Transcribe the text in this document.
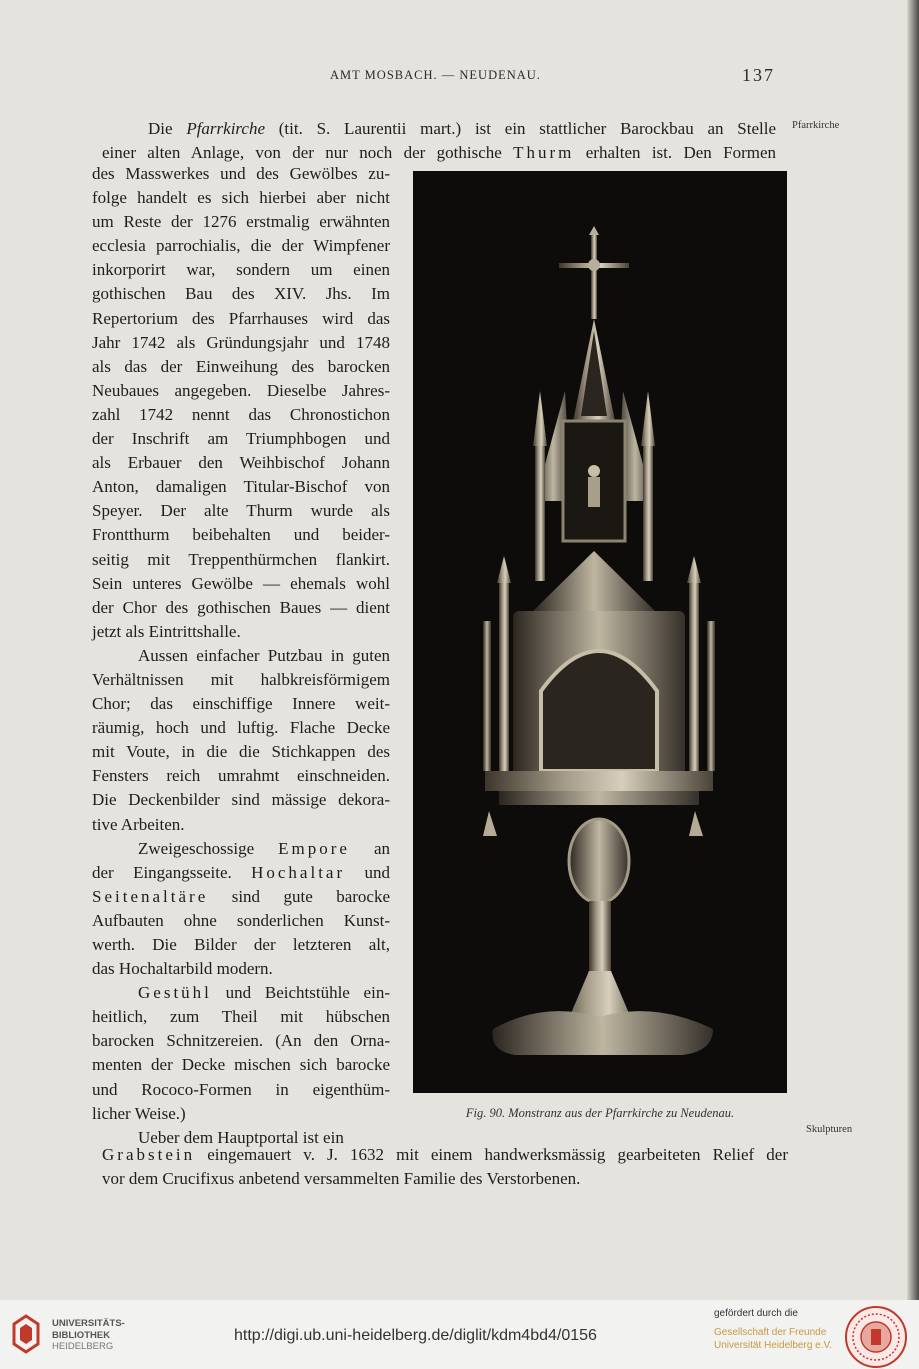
AMT MOSBACH. — NEUDENAU.	137
Pfarrkirche
Skulpturen
Die Pfarrkirche (tit. S. Laurentii mart.) ist ein stattlicher Barockbau an Stelle
einer alten Anlage, von der nur noch der gothische Thurm erhalten ist. Den Formen
des Masswerkes und des Gewölbes zu-
folge handelt es sich hierbei aber nicht
um Reste der 1276 erstmalig erwähnten
ecclesia parrochialis, die der Wimpfener
inkorporirt war, sondern um einen
gothischen Bau des XIV. Jhs. Im
Repertorium des Pfarrhauses wird das
Jahr 1742 als Gründungsjahr und 1748
als das der Einweihung des barocken
Neubaues angegeben. Dieselbe Jahres-
zahl 1742 nennt das Chronostichon
der Inschrift am Triumphbogen und
als Erbauer den Weihbischof Johann
Anton, damaligen Titular-Bischof von
Speyer. Der alte Thurm wurde als
Frontthurm beibehalten und beider-
seitig mit Treppenthürmchen flankirt.
Sein unteres Gewölbe — ehemals wohl
der Chor des gothischen Baues — dient
jetzt als Eintrittshalle.
Aussen einfacher Putzbau in guten
Verhältnissen mit halbkreisförmigem
Chor; das einschiffige Innere weit-
räumig, hoch und luftig. Flache Decke
mit Voute, in die die Stichkappen des
Fensters reich umrahmt einschneiden.
Die Deckenbilder sind mässige dekora-
tive Arbeiten.
Zweigeschossige Empore an
der Eingangsseite. Hochaltar und
Seitenaltäre sind gute barocke
Aufbauten ohne sonderlichen Kunst-
werth. Die Bilder der letzteren alt,
das Hochaltarbild modern.
Gestühl und Beichtstühle ein-
heitlich, zum Theil mit hübschen
barocken Schnitzereien. (An den Orna-
menten der Decke mischen sich barocke
und Rococo-Formen in eigenthüm-
licher Weise.)
Ueber dem Hauptportal ist ein
Grabstein eingemauert v. J. 1632 mit einem handwerksmässig gearbeiteten Relief der
vor dem Crucifixus anbetend versammelten Familie des Verstorbenen.
Fig. 90. Monstranz aus der Pfarrkirche zu Neudenau.
UNIVERSITÄTS-
BIBLIOTHEK
HEIDELBERG
http://digi.ub.uni-heidelberg.de/diglit/kdm4bd4/0156
gefördert durch die
Gesellschaft der Freunde
Universität Heidelberg e.V.
